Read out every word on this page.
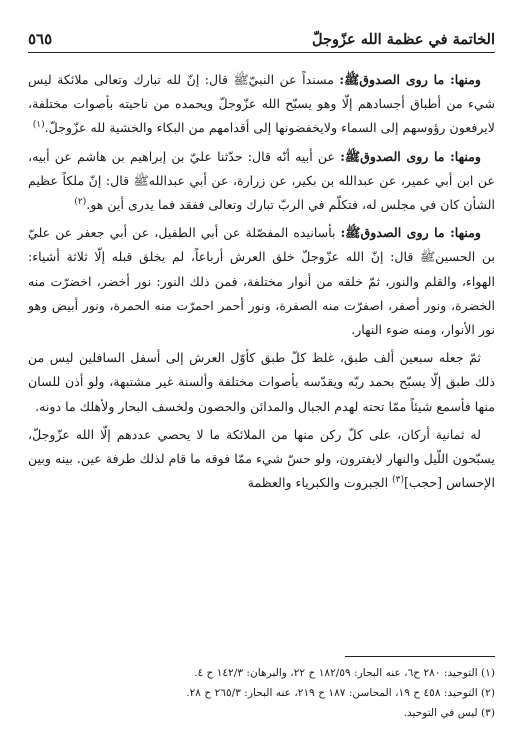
الخاتمة في عظمة الله عزّوجلّ
٥٦٥

ومنها: ما روى الصدوقﷺ: مسنداً عن النبيّﷺ قال: إنّ لله تبارك وتعالى ملائكة ليس شيء من أطباق أجسادهم إلّا وهو يسبّح الله عزّوجلّ ويحمده من ناحيته بأصوات مختلفة، لايرفعون رؤوسهم إلى السماء ولايخفضونها إلى أقدامهم من البكاء والخشية لله عزّوجلّ.$^{(١)}$

ومنها: ما روى الصدوقﷺ: عن أبيه أنّه قال: حدّثنا عليّ بن إبراهيم بن هاشم عن أبيه، عن ابن أبي عمير، عن عبدالله بن بكير، عن زرارة، عن أبي عبداللهﷺ قال: إنّ ملكاً عظيم الشأن كان في مجلس له، فتكلّم في الربّ تبارك وتعالى ففقد فما يدرى أين هو.$^{(٢)}$

ومنها: ما روى الصدوقﷺ: بأسانيده المفصّلة عن أبي الطفيل، عن أبي جعفر عن عليّ بن الحسينﷺ قال: إنّ الله عزّوجلّ خلق العرش أرباعاً، لم يخلق قبله إلّا ثلاثة أشياء: الهواء، والقلم والنور، ثمّ خلقه من أنوار مختلفة، فمن ذلك النور: نور أخضر، اخضرّت منه الخضرة، ونور أصفر، اصفرّت منه الصفرة، ونور أحمر احمرّت منه الحمرة، ونور أبيض وهو نور الأنوار، ومنه ضوء النهار.

ثمّ جعله سبعين ألف طبق، غلظ كلّ طبق كأوّل العرش إلى أسفل السافلين ليس من ذلك طبق إلّا يسبّح بحمد ربّه ويقدّسه بأصوات مختلفة وألسنة غير مشتبهة، ولو أذن للسان منها فأسمع شيئاً ممّا تحته لهدم الجبال والمدائن والحصون ولخسف البحار ولأهلك ما دونه.

له ثمانية أركان، على كلّ ركن منها من الملائكة ما لا يحصي عددهم إلّا الله عزّوجلّ، يسبّحون اللّيل والنهار لايفترون، ولو حسّ شيء ممّا فوقه ما قام لذلك طرفة عين. بينه وبين الإحساس [حجب]$^{(٣)}$ الجبروت والكبرياء والعظمة

(١) التوحيد: ٢٨٠ ح٦، عنه البحار: ١٨٢/٥٩ ح ٢٢، والبرهان: ١٤٢/٣ ح ٤.

(٢) التوحيد: ٤٥٨ ح ١٩، المحاسن: ١٨٧ ح ٢١٩، عنه البحار: ٢٦٥/٣ ح ٢٨.

(٣) ليس في التوحيد.
